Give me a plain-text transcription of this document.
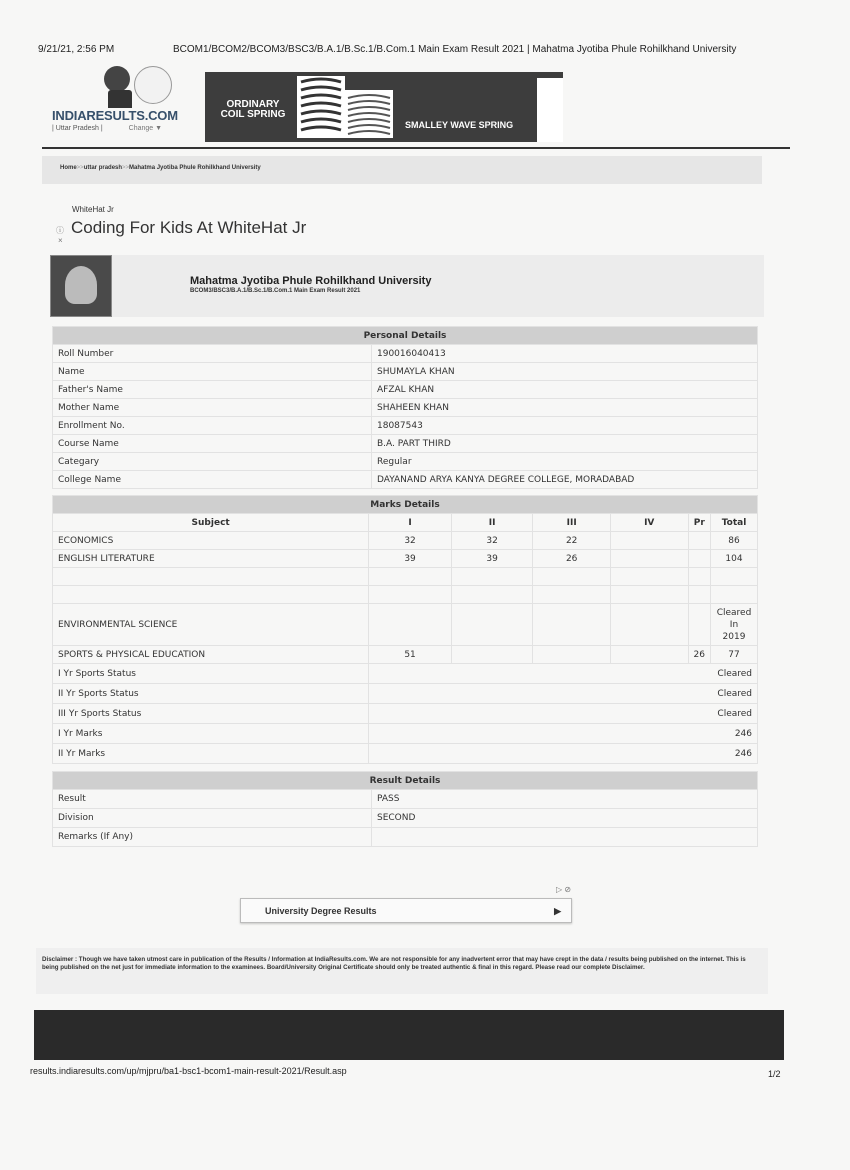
9/21/21, 2:56 PM	BCOM1/BCOM2/BCOM3/BSC3/B.A.1/B.Sc.1/B.Com.1 Main Exam Result 2021 | Mahatma Jyotiba Phule Rohilkhand University
INDIARESULTS.COM
| Uttar Pradesh |	Change ▼
ORDINARY
COIL SPRING
SMALLEY WAVE SPRING
Home>>uttar pradesh>>Mahatma Jyotiba Phule Rohilkhand University
WhiteHat Jr
ⓘ
×
Coding For Kids At WhiteHat Jr
Mahatma Jyotiba Phule Rohilkhand University
BCOM3/BSC3/B.A.1/B.Sc.1/B.Com.1 Main Exam Result 2021
Personal Details	
Roll Number	190016040413
Name	SHUMAYLA KHAN
Father's Name	AFZAL KHAN
Mother Name	SHAHEEN KHAN
Enrollment No.	18087543
Course Name	B.A. PART THIRD
Categary	Regular
College Name	DAYANAND ARYA KANYA DEGREE COLLEGE, MORADABAD
Marks Details						
Subject	I	II	III	IV	Pr	Total
ECONOMICS	32	32	22			86
ENGLISH LITERATURE	39	39	26			104

ENVIRONMENTAL SCIENCE						Cleared
In
2019
SPORTS & PHYSICAL EDUCATION	51				26	77
I Yr Sports Status	Cleared					
II Yr Sports Status	Cleared					
III Yr Sports Status	Cleared					
I Yr Marks	246					
II Yr Marks	246					
Result Details	
Result	PASS
Division	SECOND
Remarks (If Any)	
▷ ⊘
University Degree Results	▶
Disclaimer : Though we have taken utmost care in publication of the Results / Information at IndiaResults.com. We are not responsible for any inadvertent error that may have crept in the data / results being published on the internet. This is being published on the net just for immediate information to the examinees. Board/University Original Certificate should only be treated authentic & final in this regard. Please read our complete Disclaimer.
results.indiaresults.com/up/mjpru/ba1-bsc1-bcom1-main-result-2021/Result.asp	1/2
